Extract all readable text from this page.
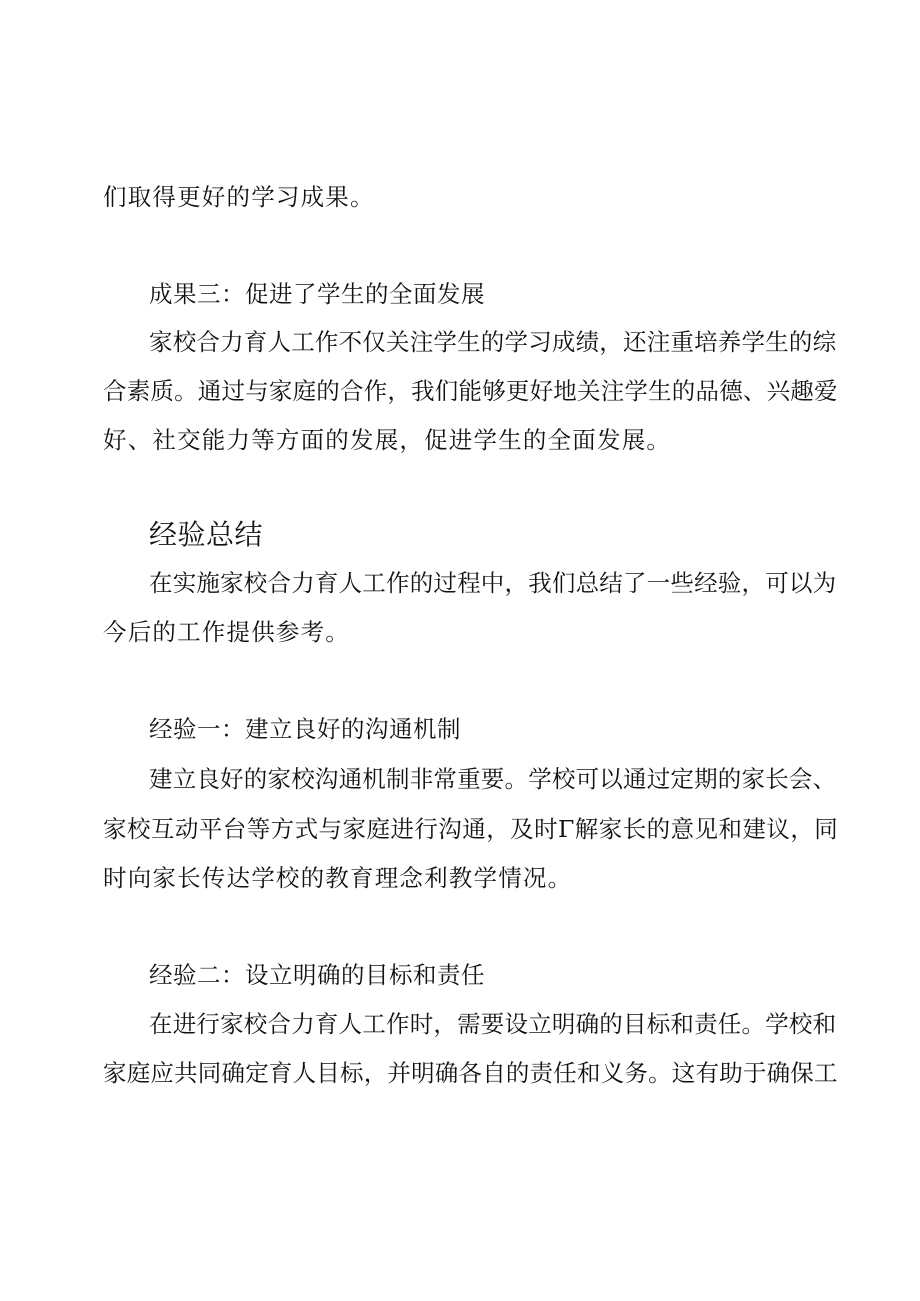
们取得更好的学习成果。
成果三：促进了学生的全面发展
家校合力育人工作不仅关注学生的学习成绩，还注重培养学生的综
合素质。通过与家庭的合作，我们能够更好地关注学生的品德、兴趣爱
好、社交能力等方面的发展，促进学生的全面发展。
经验总结
在实施家校合力育人工作的过程中，我们总结了一些经验，可以为
今后的工作提供参考。
经验一：建立良好的沟通机制
建立良好的家校沟通机制非常重要。学校可以通过定期的家长会、
家校互动平台等方式与家庭进行沟通，及时Γ解家长的意见和建议，同
时向家长传达学校的教育理念利教学情况。
经验二：设立明确的目标和责任
在进行家校合力育人工作时，需要设立明确的目标和责任。学校和
家庭应共同确定育人目标，并明确各自的责任和义务。这有助于确保工
